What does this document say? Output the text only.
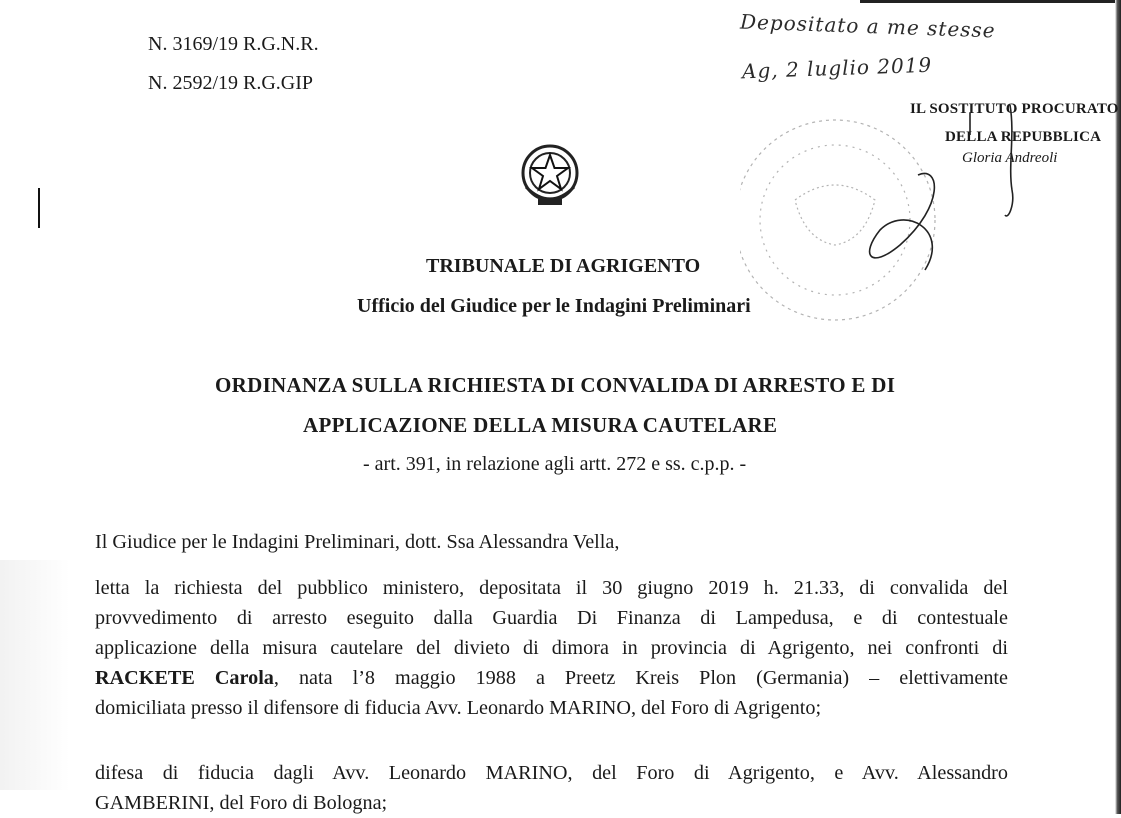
N. 3169/19 R.G.N.R.
N. 2592/19 R.G.GIP
Depositato a me stesse
Ag, 2 luglio 2019
IL SOSTITUTO PROCURATO
DELLA REPUBBLICA
Gloria Andreoli
TRIBUNALE DI AGRIGENTO
Ufficio del Giudice per le Indagini Preliminari
ORDINANZA SULLA RICHIESTA DI CONVALIDA DI ARRESTO E DI
APPLICAZIONE DELLA MISURA CAUTELARE
- art. 391, in relazione agli artt. 272 e ss. c.p.p. -
Il Giudice per le Indagini Preliminari, dott. Ssa Alessandra Vella,
letta la richiesta del pubblico ministero, depositata il 30 giugno 2019 h. 21.33, di convalida del
provvedimento di arresto eseguito dalla Guardia Di Finanza di Lampedusa, e di contestuale
applicazione della misura cautelare del divieto di dimora in provincia di Agrigento, nei confronti di
RACKETE Carola, nata l’8 maggio 1988 a Preetz Kreis Plon (Germania) – elettivamente
domiciliata presso il difensore di fiducia Avv. Leonardo MARINO, del Foro di Agrigento;
difesa di fiducia dagli Avv. Leonardo MARINO, del Foro di Agrigento, e Avv. Alessandro
GAMBERINI, del Foro di Bologna;
